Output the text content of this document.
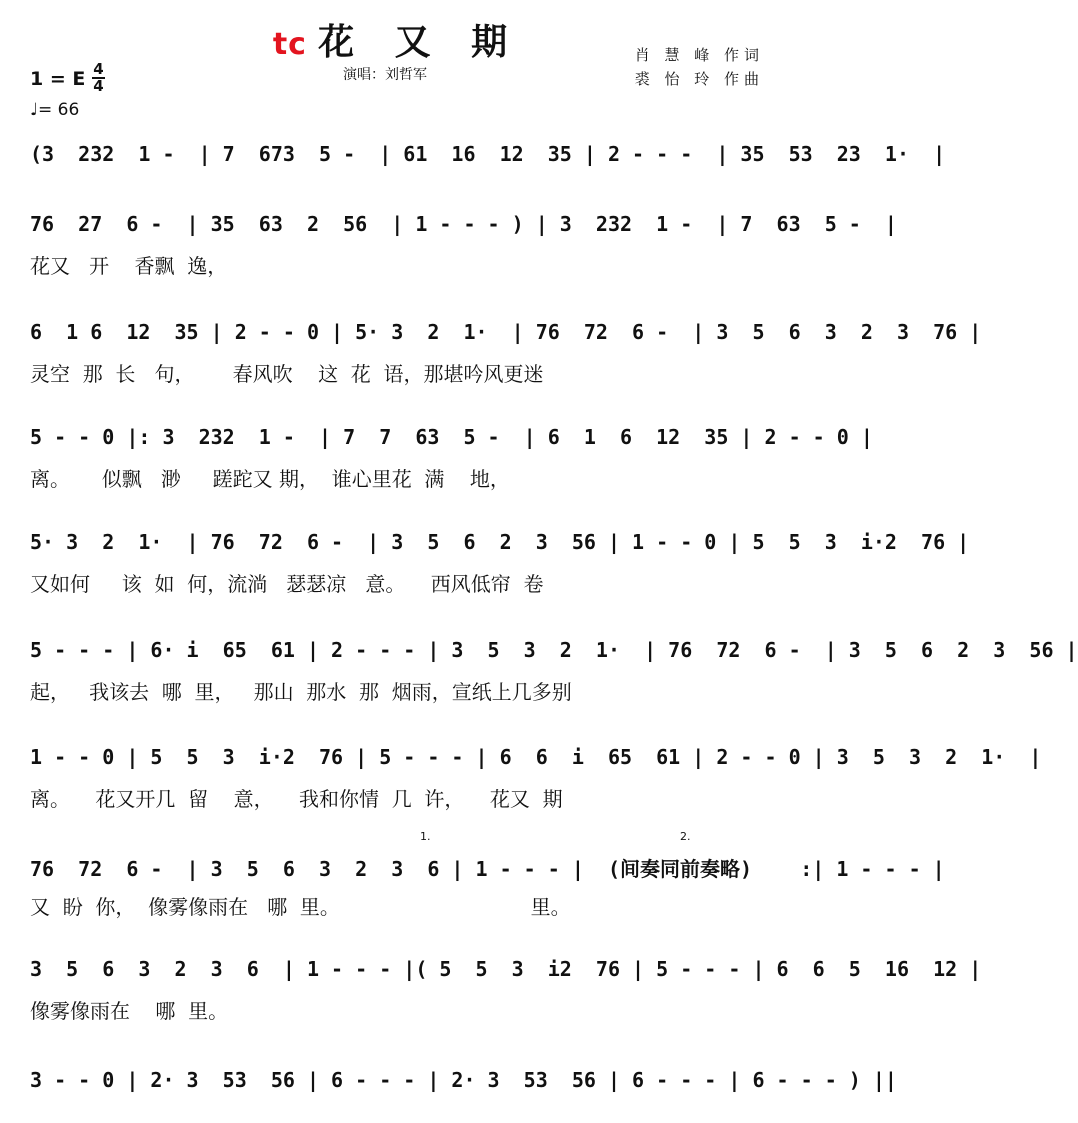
tc 花 又 期
演唱：刘哲军
肖 慧 峰 作词
裘 怡 玲 作曲
1 = E 4
4
♩= 66
(3  232  1 -  | 7  673  5 -  | 61  16  12  35 | 2 - - -  | 35  53  23  1·  |
76  27  6 -  | 35  63  2  56  | 1 - - - ) | 3  232  1 -  | 7  63  5 -  |
花又   开    香飘  逸，
6  1 6  12  35 | 2 - - 0 | 5· 3  2  1·  | 76  72  6 -  | 3  5  6  3  2  3  76 |
灵空  那  长   句，      春风吹    这  花  语，那堪吟风更迷
5 - - 0 |: 3  232  1 -  | 7  7  63  5 -  | 6  1  6  12  35 | 2 - - 0 |
离。     似飘   渺     蹉跎又 期，  谁心里花  满    地，
5· 3  2  1·  | 76  72  6 -  | 3  5  6  2  3  56 | 1 - - 0 | 5  5  3  i·2  76 |
又如何     该  如  何，流淌   瑟瑟凉   意。    西风低帘  卷
5 - - - | 6· i  65  61 | 2 - - - | 3  5  3  2  1·  | 76  72  6 -  | 3  5  6  2  3  56 |
起，   我该去  哪  里，   那山  那水  那  烟雨，宣纸上几多别
1 - - 0 | 5  5  3  i·2  76 | 5 - - - | 6  6  i  65  61 | 2 - - 0 | 3  5  3  2  1·  |
离。    花又开几  留    意，    我和你情  几  许，    花又  期
76  72  6 -  | 3  5  6  3  2  3  6 | 1 - - - |  (间奏同前奏略)    :| 1 - - - |
又  盼  你，  像雾像雨在   哪  里。                              里。
3  5  6  3  2  3  6  | 1 - - - |( 5  5  3  i2  76 | 5 - - - | 6  6  5  16  12 |
像雾像雨在    哪  里。
3 - - 0 | 2· 3  53  56 | 6 - - - | 2· 3  53  56 | 6 - - - | 6 - - - ) ||
1.	2.
